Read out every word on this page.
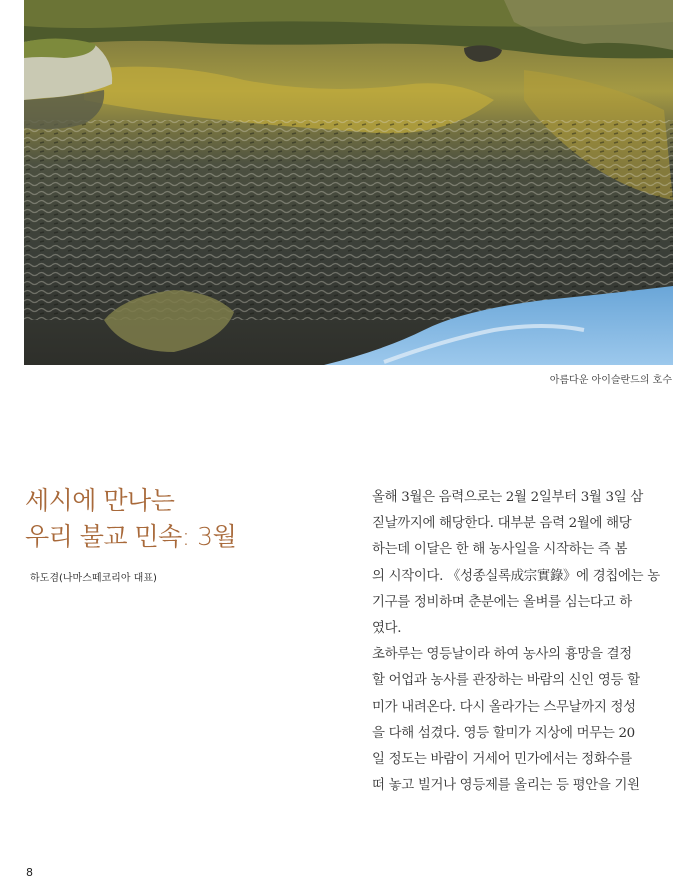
아름다운 아이슬란드의 호수
세시에 만나는
우리 불교 민속: 3월
하도겸(나마스떼코리아 대표)
올해 3월은 음력으로는 2월 2일부터 3월 3일 삼
짇날까지에 해당한다. 대부분 음력 2월에 해당
하는데 이달은 한 해 농사일을 시작하는 즉 봄
의 시작이다. 《성종실록成宗實錄》에 경칩에는 농
기구를 정비하며 춘분에는 올벼를 심는다고 하
였다.
초하루는 영등날이라 하여 농사의 흉망을 결정
할 어업과 농사를 관장하는 바람의 신인 영등 할
미가 내려온다. 다시 올라가는 스무날까지 정성
을 다해 섬겼다. 영등 할미가 지상에 머무는 20
일 정도는 바람이 거세어 민가에서는 정화수를
떠 놓고 빌거나 영등제를 올리는 등 평안을 기원
8
